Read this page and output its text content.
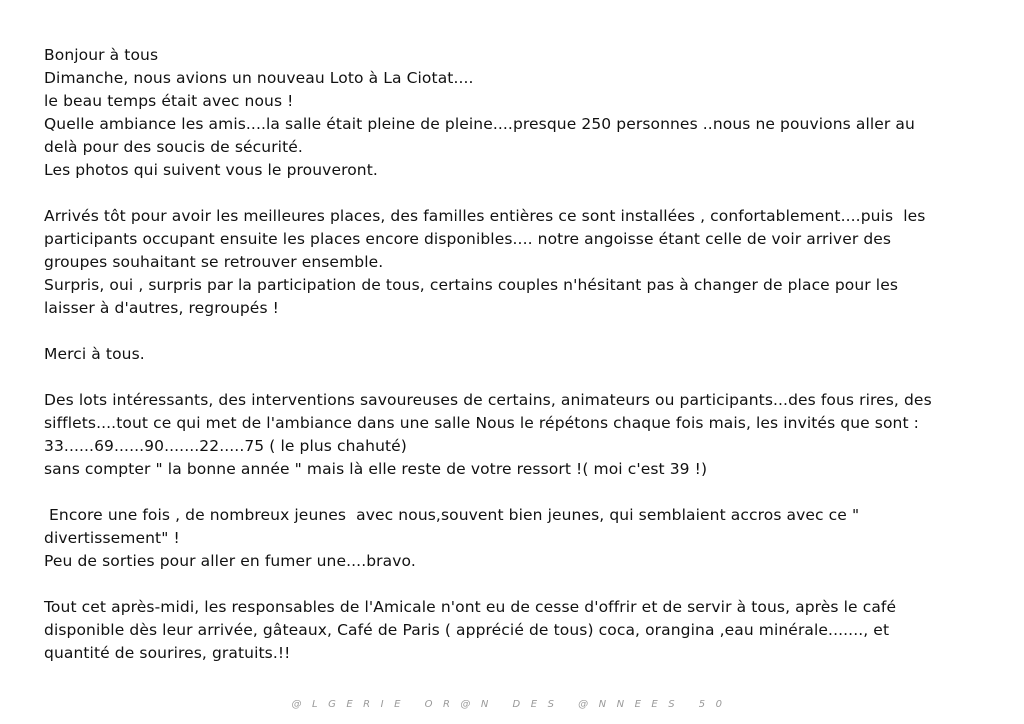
Bonjour à tous
Dimanche, nous avions un nouveau Loto à La Ciotat....
le beau temps était avec nous !
Quelle ambiance les amis....la salle était pleine de pleine....presque 250 personnes ..nous ne pouvions aller au
delà pour des soucis de sécurité.
Les photos qui suivent vous le prouveront.
Arrivés tôt pour avoir les meilleures places, des familles entières ce sont installées , confortablement....puis  les
participants occupant ensuite les places encore disponibles.... notre angoisse étant celle de voir arriver des
groupes souhaitant se retrouver ensemble.
Surpris, oui , surpris par la participation de tous, certains couples n'hésitant pas à changer de place pour les
laisser à d'autres, regroupés !
Merci à tous.
Des lots intéressants, des interventions savoureuses de certains, animateurs ou participants...des fous rires, des
sifflets....tout ce qui met de l'ambiance dans une salle Nous le répétons chaque fois mais, les invités que sont :
33......69......90.......22.....75 ( le plus chahuté)
sans compter " la bonne année " mais là elle reste de votre ressort !( moi c'est 39 !)
Encore une fois , de nombreux jeunes  avec nous,souvent bien jeunes, qui semblaient accros avec ce "
divertissement" !
Peu de sorties pour aller en fumer une....bravo.
Tout cet après-midi, les responsables de l'Amicale n'ont eu de cesse d'offrir et de servir à tous, après le café
disponible dès leur arrivée, gâteaux, Café de Paris ( apprécié de tous) coca, orangina ,eau minérale......., et
quantité de sourires, gratuits.!!
@LGERIE OR@N DES @NNEES 50
